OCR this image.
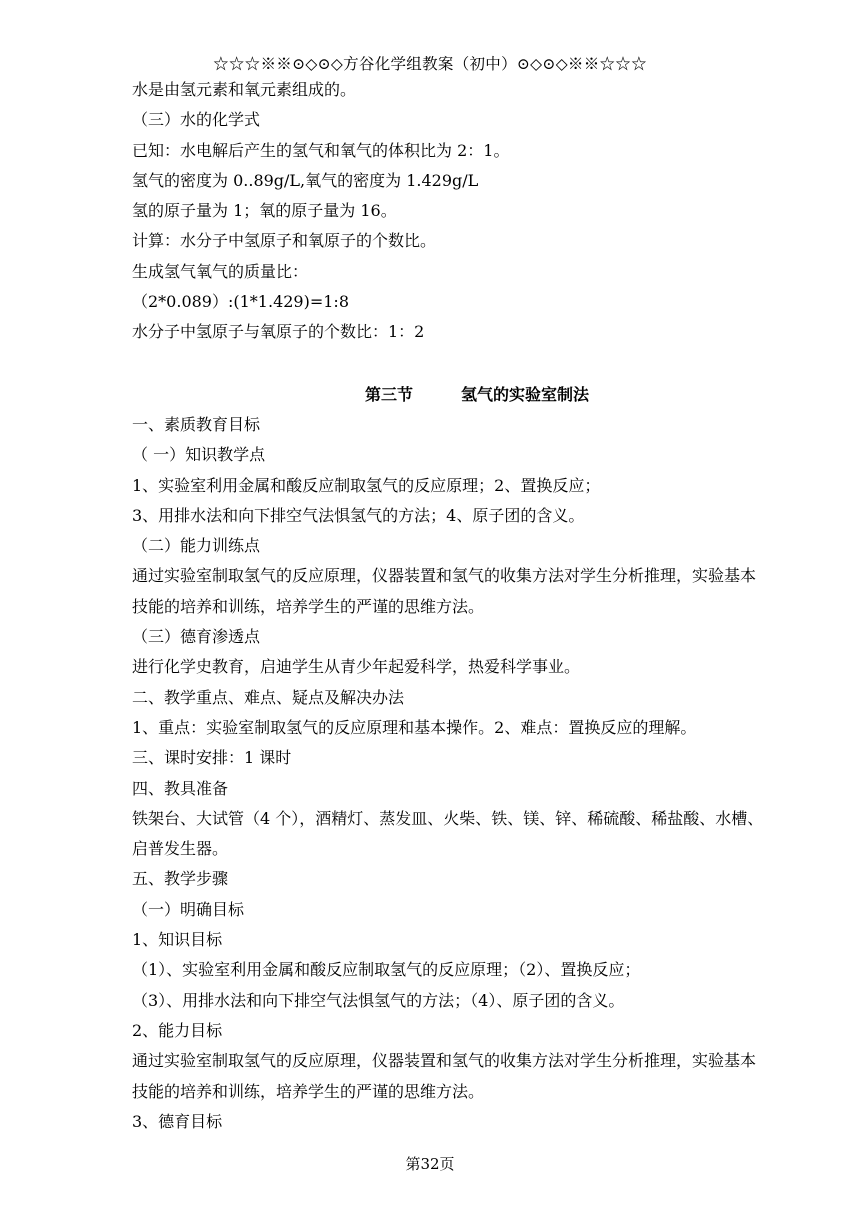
☆☆☆※※⊙◇⊙◇方谷化学组教案（初中）⊙◇⊙◇※※☆☆☆
水是由氢元素和氧元素组成的。
（三）水的化学式
已知：水电解后产生的氢气和氧气的体积比为 2：1。
氢气的密度为 0..89g/L,氧气的密度为 1.429g/L
氢的原子量为 1；氧的原子量为 16。
计算：水分子中氢原子和氧原子的个数比。
生成氢气氧气的质量比：
（2*0.089）:(1*1.429)=1:8
水分子中氢原子与氧原子的个数比：1：2
第三节	氢气的实验室制法
一、素质教育目标
（ 一）知识教学点
1、实验室利用金属和酸反应制取氢气的反应原理；2、置换反应；
3、用排水法和向下排空气法惧氢气的方法；4、原子团的含义。
（二）能力训练点
通过实验室制取氢气的反应原理，仪器装置和氢气的收集方法对学生分析推理，实验基本
技能的培养和训练，培养学生的严谨的思维方法。
（三）德育渗透点
进行化学史教育，启迪学生从青少年起爱科学，热爱科学事业。
二、教学重点、难点、疑点及解决办法
1、重点：实验室制取氢气的反应原理和基本操作。2、难点：置换反应的理解。
三、课时安排：1 课时
四、教具准备
铁架台、大试管（4 个），酒精灯、蒸发皿、火柴、铁、镁、锌、稀硫酸、稀盐酸、水槽、
启普发生器。
五、教学步骤
（一）明确目标
1、知识目标
（1）、实验室利用金属和酸反应制取氢气的反应原理；（2）、置换反应；
（3）、用排水法和向下排空气法惧氢气的方法；（4）、原子团的含义。
2、能力目标
通过实验室制取氢气的反应原理，仪器装置和氢气的收集方法对学生分析推理，实验基本
技能的培养和训练，培养学生的严谨的思维方法。
3、德育目标
第32页
